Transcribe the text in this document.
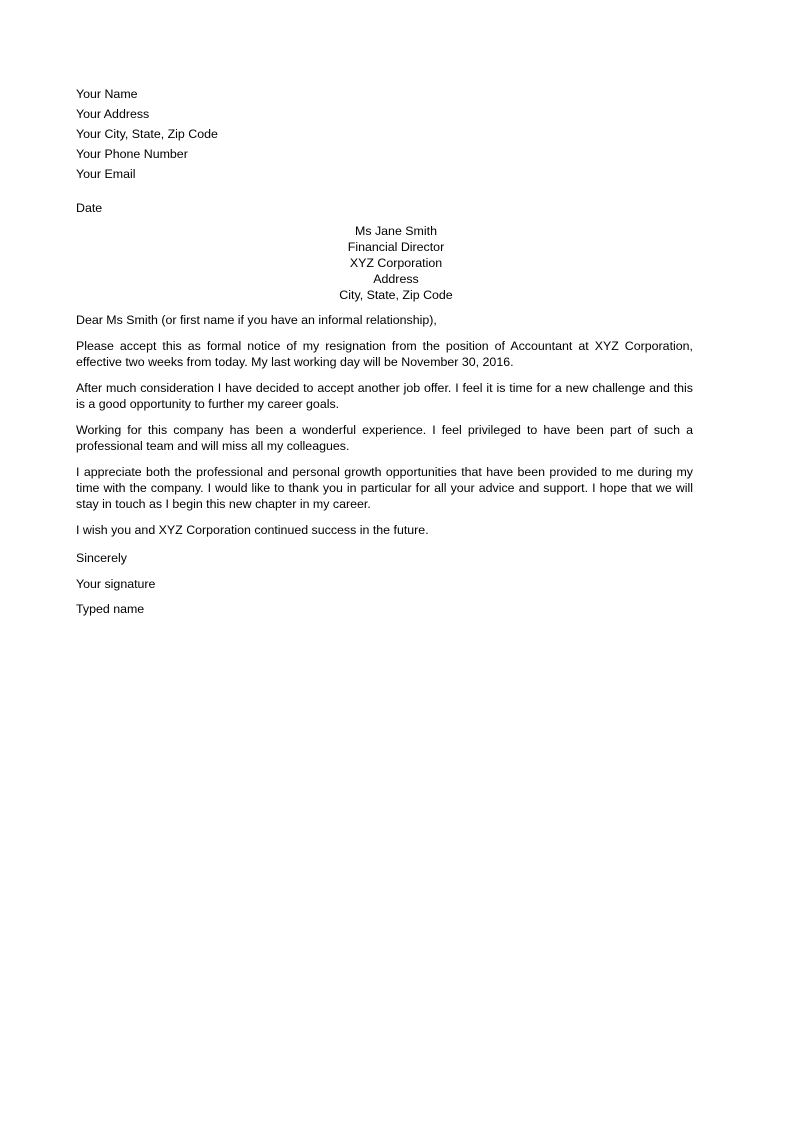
Your Name
Your Address
Your City, State, Zip Code
Your Phone Number
Your Email
Date
Ms Jane Smith
Financial Director
XYZ Corporation
Address
City, State, Zip Code

Dear Ms Smith (or first name if you have an informal relationship),

Please accept this as formal notice of my resignation from the position of Accountant at XYZ Corporation, effective two weeks from today. My last working day will be November 30, 2016.

After much consideration I have decided to accept another job offer. I feel it is time for a new challenge and this is a good opportunity to further my career goals.

Working for this company has been a wonderful experience. I feel privileged to have been part of such a professional team and will miss all my colleagues.

I appreciate both the professional and personal growth opportunities that have been provided to me during my time with the company. I would like to thank you in particular for all your advice and support. I hope that we will stay in touch as I begin this new chapter in my career.

I wish you and XYZ Corporation continued success in the future.

Sincerely
Your signature
Typed name
